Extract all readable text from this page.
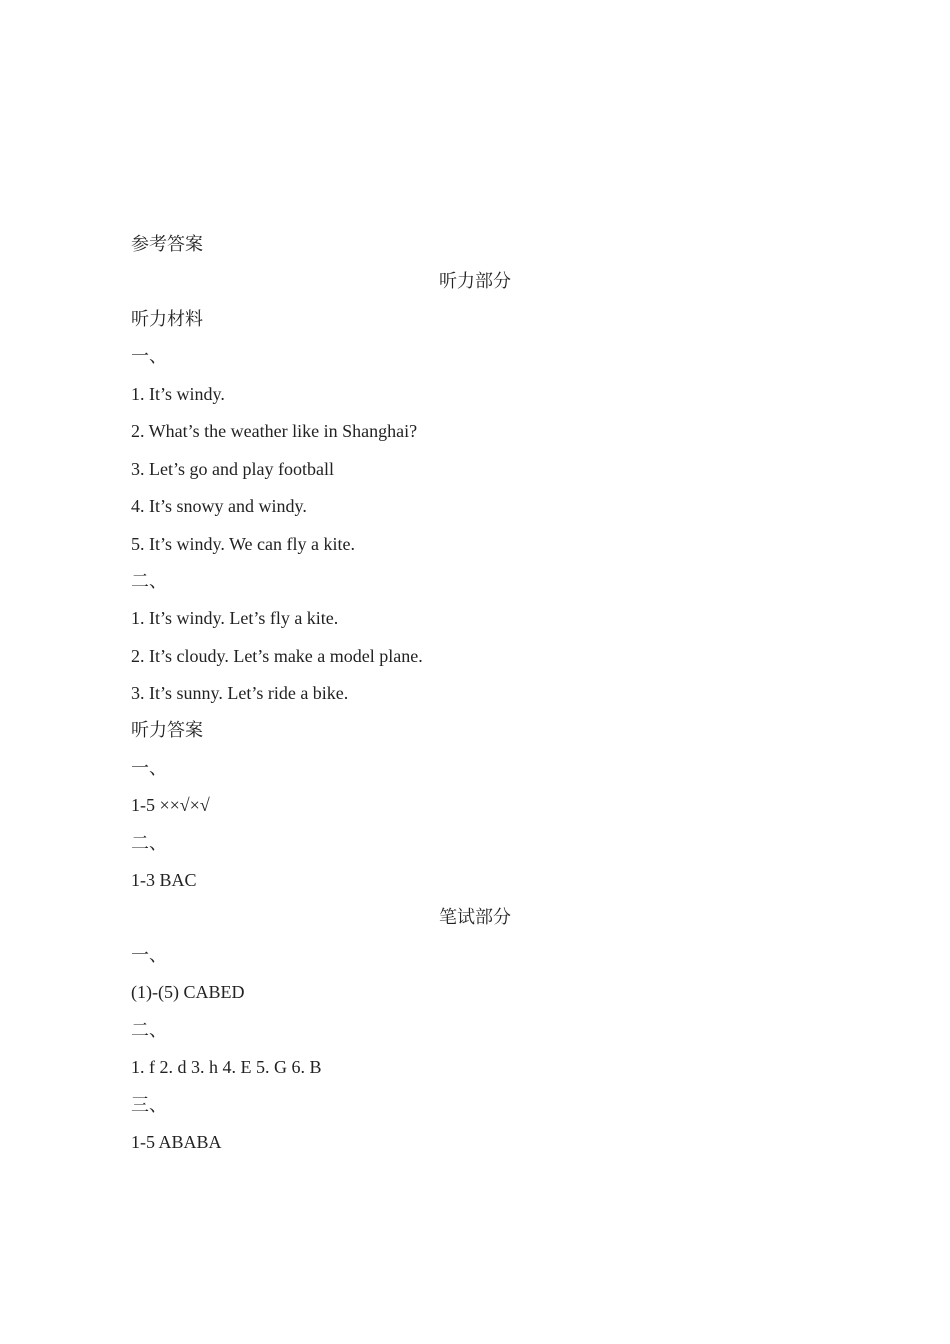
参考答案
听力部分
听力材料
一、
1. It’s windy.
2. What’s the weather like in Shanghai?
3. Let’s go and play football
4. It’s snowy and windy.
5. It’s windy. We can fly a kite.
二、
1. It’s windy. Let’s fly a kite.
2. It’s cloudy. Let’s make a model plane.
3. It’s sunny. Let’s ride a bike.
听力答案
一、
1-5 ××√×√
二、
1-3 BAC
笔试部分
一、
(1)-(5) CABED
二、
1. f 2. d 3. h 4. E 5. G 6. B
三、
1-5 ABABA
